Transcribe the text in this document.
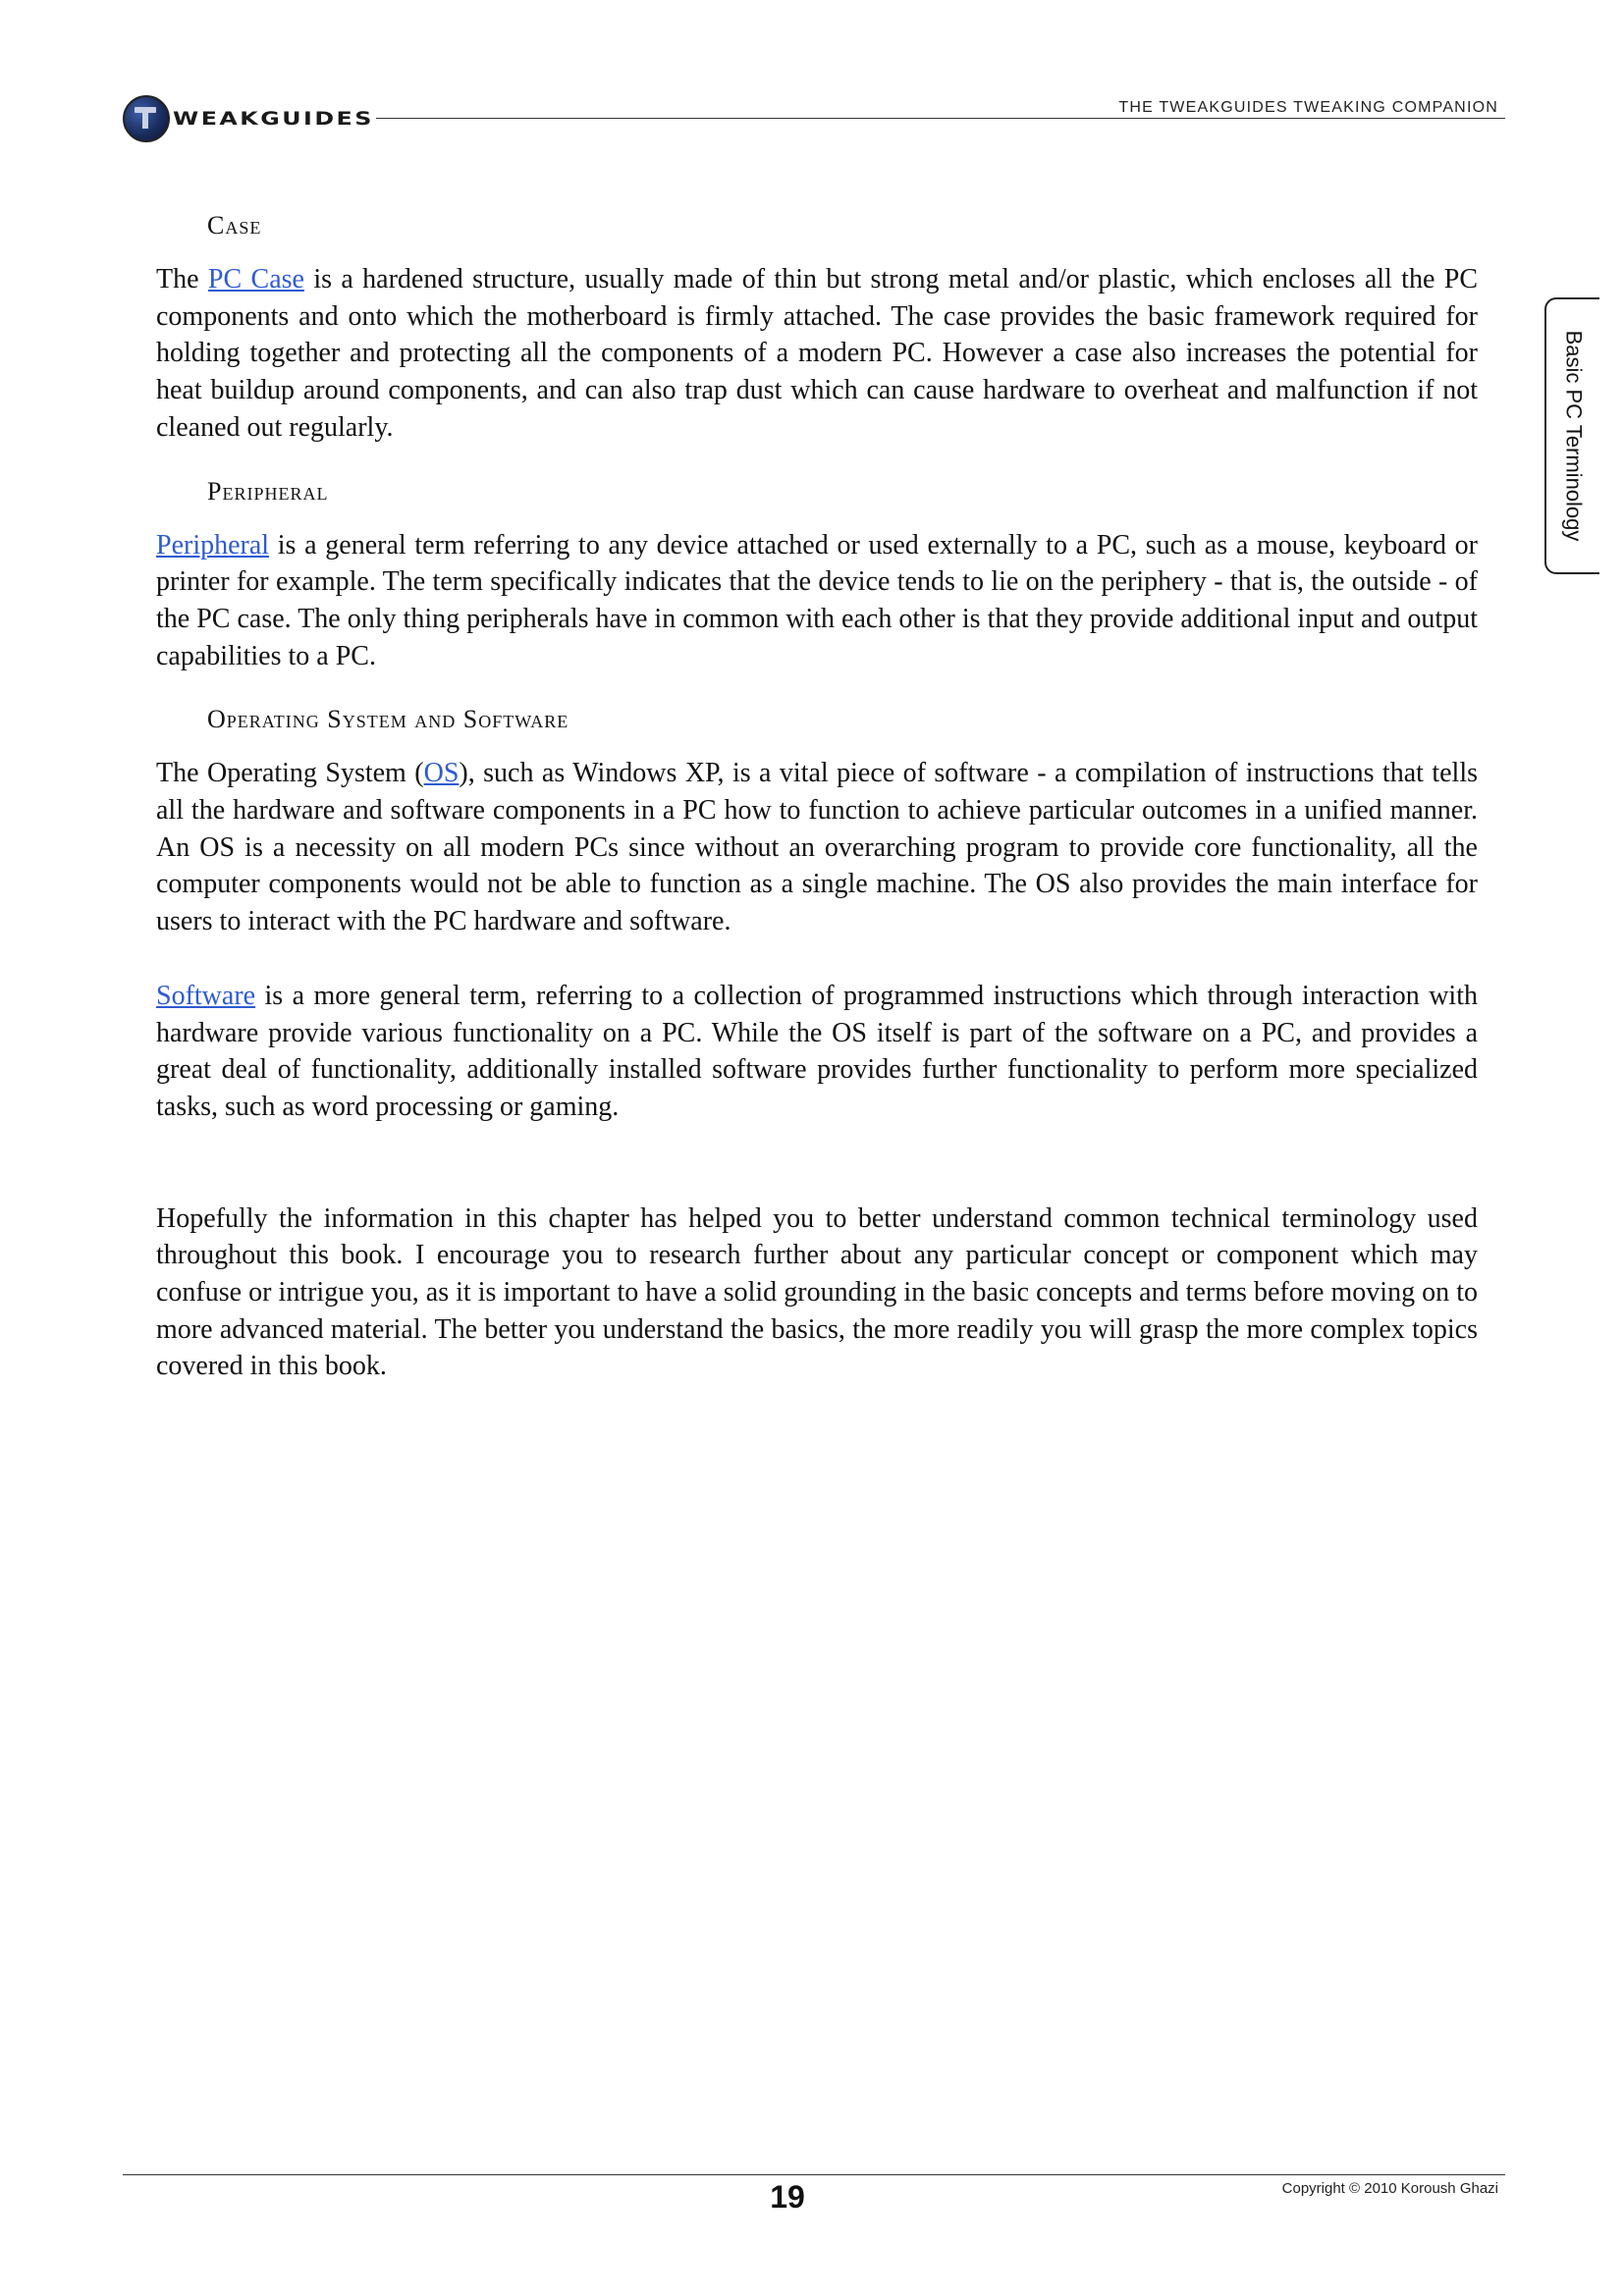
WEAKGUIDES
THE TWEAKGUIDES TWEAKING COMPANION
Basic PC Terminology
Case

The PC Case is a hardened structure, usually made of thin but strong metal and/or plastic, which encloses all the PC components and onto which the motherboard is firmly attached. The case provides the basic framework required for holding together and protecting all the components of a modern PC. However a case also increases the potential for heat buildup around components, and can also trap dust which can cause hardware to overheat and malfunction if not cleaned out regularly.

Peripheral

Peripheral is a general term referring to any device attached or used externally to a PC, such as a mouse, keyboard or printer for example. The term specifically indicates that the device tends to lie on the periphery - that is, the outside - of the PC case. The only thing peripherals have in common with each other is that they provide additional input and output capabilities to a PC.

Operating System and Software

The Operating System (OS), such as Windows XP, is a vital piece of software - a compilation of instructions that tells all the hardware and software components in a PC how to function to achieve particular outcomes in a unified manner. An OS is a necessity on all modern PCs since without an overarching program to provide core functionality, all the computer components would not be able to function as a single machine. The OS also provides the main interface for users to interact with the PC hardware and software.

Software is a more general term, referring to a collection of programmed instructions which through interaction with hardware provide various functionality on a PC. While the OS itself is part of the software on a PC, and provides a great deal of functionality, additionally installed software provides further functionality to perform more specialized tasks, such as word processing or gaming.

Hopefully the information in this chapter has helped you to better understand common technical terminology used throughout this book. I encourage you to research further about any particular concept or component which may confuse or intrigue you, as it is important to have a solid grounding in the basic concepts and terms before moving on to more advanced material. The better you understand the basics, the more readily you will grasp the more complex topics covered in this book.

19	Copyright © 2010 Koroush Ghazi
